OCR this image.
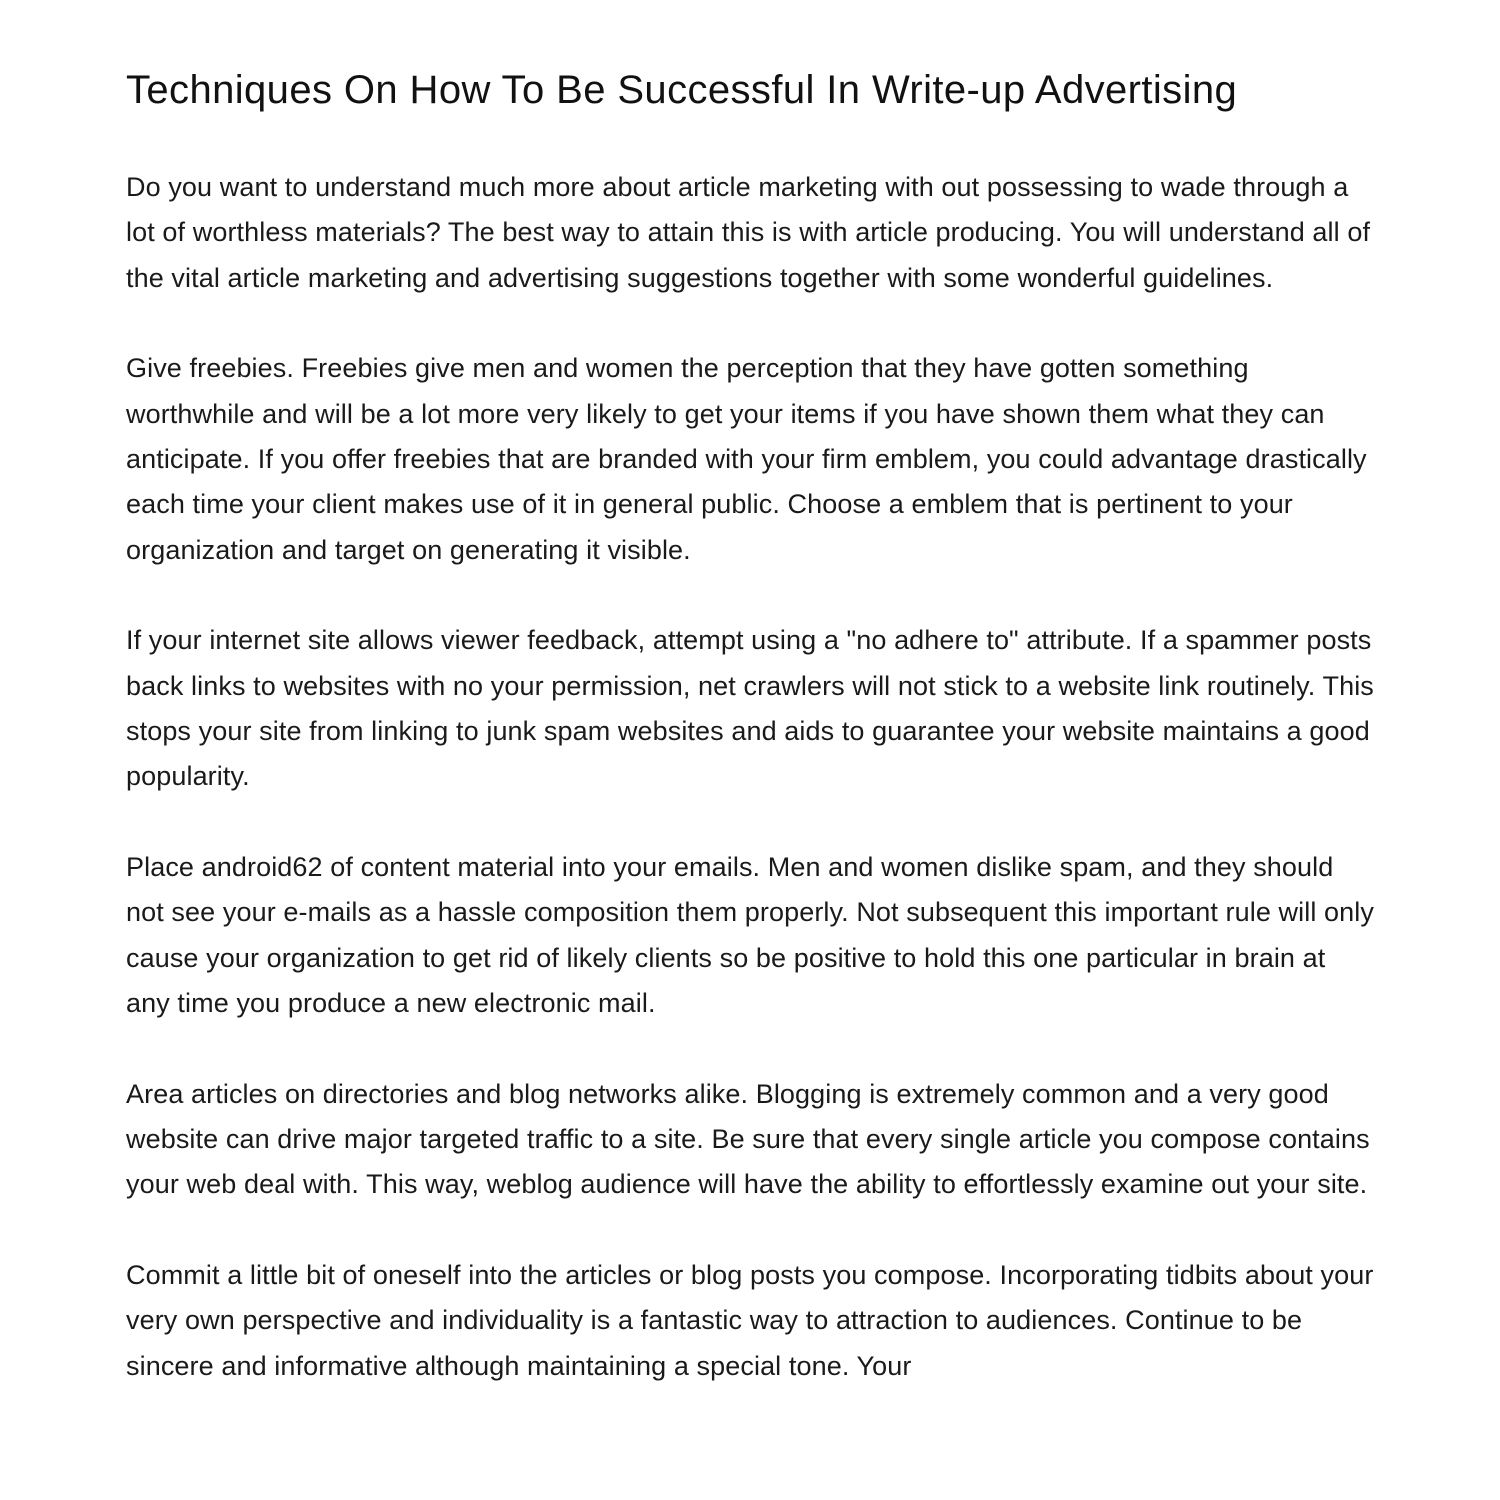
Techniques On How To Be Successful In Write-up Advertising

Do you want to understand much more about article marketing with out possessing to wade through a lot of worthless materials? The best way to attain this is with article producing. You will understand all of the vital article marketing and advertising suggestions together with some wonderful guidelines.

Give freebies. Freebies give men and women the perception that they have gotten something worthwhile and will be a lot more very likely to get your items if you have shown them what they can anticipate. If you offer freebies that are branded with your firm emblem, you could advantage drastically each time your client makes use of it in general public. Choose a emblem that is pertinent to your organization and target on generating it visible.

If your internet site allows viewer feedback, attempt using a "no adhere to" attribute. If a spammer posts back links to websites with no your permission, net crawlers will not stick to a website link routinely. This stops your site from linking to junk spam websites and aids to guarantee your website maintains a good popularity.

Place android62 of content material into your emails. Men and women dislike spam, and they should not see your e-mails as a hassle composition them properly. Not subsequent this important rule will only cause your organization to get rid of likely clients so be positive to hold this one particular in brain at any time you produce a new electronic mail.

Area articles on directories and blog networks alike. Blogging is extremely common and a very good website can drive major targeted traffic to a site. Be sure that every single article you compose contains your web deal with. This way, weblog audience will have the ability to effortlessly examine out your site.

Commit a little bit of oneself into the articles or blog posts you compose. Incorporating tidbits about your very own perspective and individuality is a fantastic way to attraction to audiences. Continue to be sincere and informative although maintaining a special tone. Your
